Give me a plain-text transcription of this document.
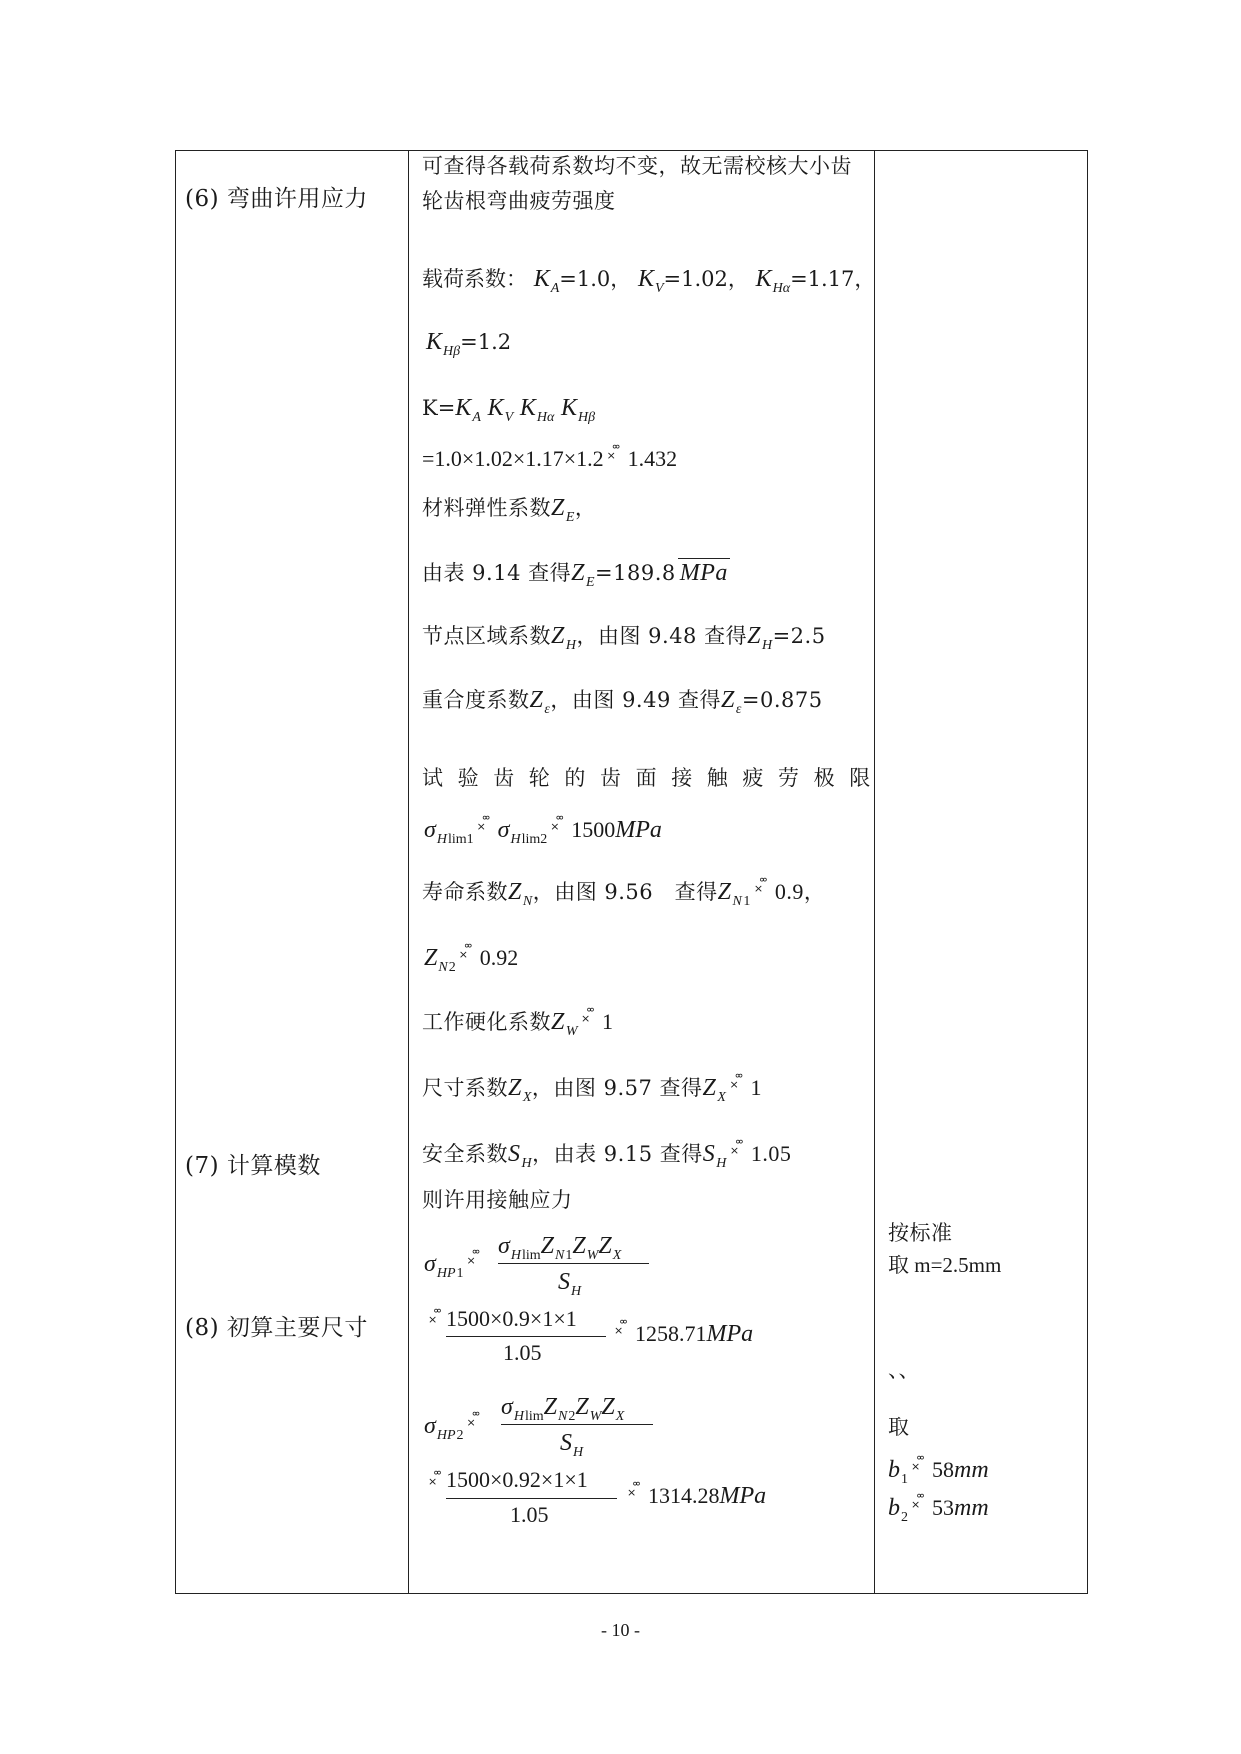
(6) 弯曲许用应力
(7) 计算模数
(8) 初算主要尺寸
可查得各载荷系数均不变，故无需校核大小齿
轮齿根弯曲疲劳强度
载荷系数： $K_A=1.0$， $K_V=1.02$， $K_{H\alpha}=1.17$，
$K_{H\beta}=1.2$
$K=K_A$ $K_V$ $K_{H\alpha}$ $K_{H\beta}$
=1.0×1.02×1.17×1.2× °° 1.432
材料弹性系数$Z_E$，
由表 9.14 查得$Z_E=189.8$ MPa
节点区域系数$Z_H$，由图 9.48 查得$Z_H=2.5$
重合度系数$Z_\varepsilon$，由图 9.49 查得$Z_\varepsilon=0.875$
试验齿轮的齿面接触疲劳极限
$\sigma_{Hlim1}\times$ °° $\sigma_{Hlim2}\times$ °° 1500MPa
寿命系数$Z_N$，由图 9.56　查得$Z_{N1}\times$ °° 0.9，
$Z_{N2}\times$ °° 0.92
工作硬化系数$Z_W\times$ °° 1
尺寸系数$Z_X$，由图 9.57 查得$Z_X\times$ °° 1
安全系数$S_H$，由表 9.15 查得$S_H\times$ °° 1.05
则许用接触应力
$\sigma_{HP1}\times$ °°
$\sigma_{Hlim}Z_{N1}Z_WZ_X$
$S_H$
× °°
1500×0.9×1×1
1.05
× °°1258.71MPa
$\sigma_{HP2}\times$ °°
$\sigma_{Hlim}Z_{N2}Z_WZ_X$
$S_H$
× °°
1500×0.92×1×1
1.05
× °°1314.28MPa
按标准
取 m=2.5mm
、、
取
$b_1\times$ °° 58mm
$b_2\times$ °° 53mm
- 10 -
